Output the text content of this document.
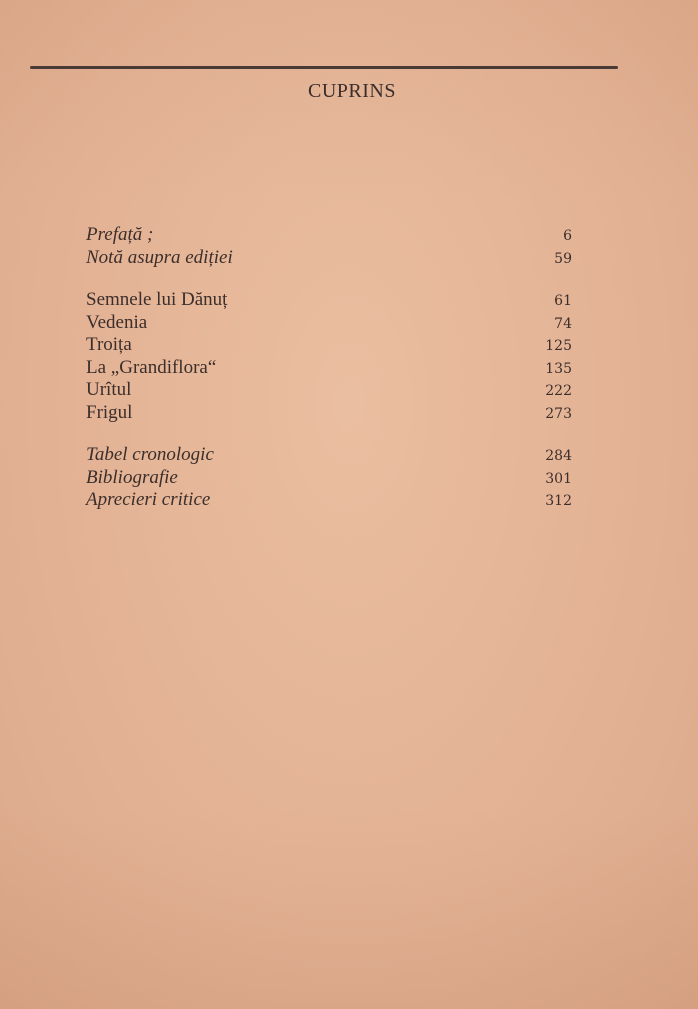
CUPRINS
Prefață ;	6
Notă asupra ediției	59
Semnele lui Dănuț	61
Vedenia	74
Troița	125
La „Grandiflora“	135
Urîtul	222
Frigul	273
Tabel cronologic	284
Bibliografie	301
Aprecieri critice	312
